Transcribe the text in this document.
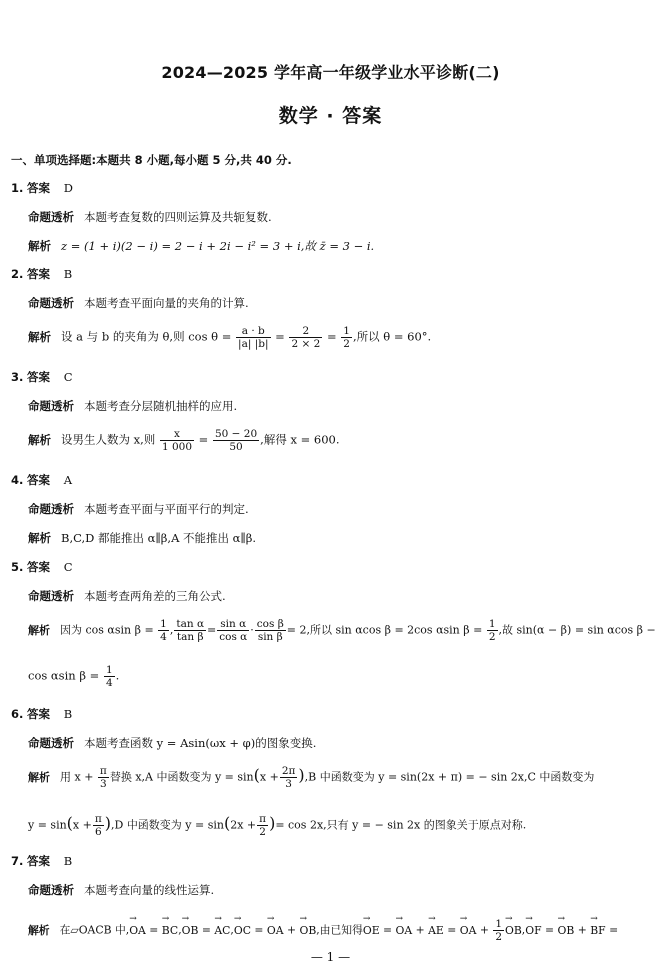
2024—2025 学年高一年级学业水平诊断(二)
数学 · 答案
一、单项选择题:本题共 8 小题,每小题 5 分,共 40 分.
1. 答案 D
命题透析 本题考查复数的四则运算及共轭复数.
解析 z = (1 + i)(2 − i) = 2 − i + 2i − i² = 3 + i,故 z̄ = 3 − i.
2. 答案 B
命题透析 本题考查平面向量的夹角的计算.
解析 设 a 与 b 的夹角为 θ,则 $\cos \theta = \frac{a \cdot b}{|a| |b|} = \frac{2}{2 \times 2} = \frac{1}{2}$ ,所以 θ = 60°.
3. 答案 C
命题透析 本题考查分层随机抽样的应用.
解析 设男生人数为 x,则 $\frac{x}{1 000} = \frac{50 - 20}{50}$ ,解得 x = 600.
4. 答案 A
命题透析 本题考查平面与平面平行的判定.
解析 B,C,D 都能推出 α∥β,A 不能推出 α∥β.
5. 答案 C
命题透析 本题考查两角差的三角公式.
解析 因为 cos αsin $\beta = \frac{1}{4}$ , $\frac{\text{tan α}}{\text{tan β}} = \frac{\text{sin α}}{\text{cos α}} \cdot \frac{\text{cos β}}{\text{sin β}} = 2$,所以 sin αcos β = 2cos αsin $\beta = \frac{1}{2}$ ,故 sin(α − β) = sin αcos β −
cos αsin $\beta = \frac{1}{4}$ .
6. 答案 B
命题透析 本题考查函数 y = Asin(ωx + φ)的图象变换.
解析 用 $x + \frac{\pi}{3}$ 替换 x,A 中函数变为 $y = \sin(x + \frac{2\pi}{3} ),B$ 中函数变为 y = sin(2x + π) = − sin 2x,C 中函数变为
$y = \sin(x + \frac{\pi}{6} ),D$ 中函数变为 $y = \sin(2x + \frac{\pi}{2}$ )= cos 2x,只有 y = − sin 2x 的图象关于原点对称.
7. 答案 B
命题透析 本题考查向量的线性运算.
解析 在▱OACB 中,→ OA = → BC,→ OB = → AC,→ OC = → OA + → OB,由已知得→ OE = → OA + → AE = → OA + $\frac{1}{2}$
→ OB,→ OF = → OB + → BF =
— 1 —
